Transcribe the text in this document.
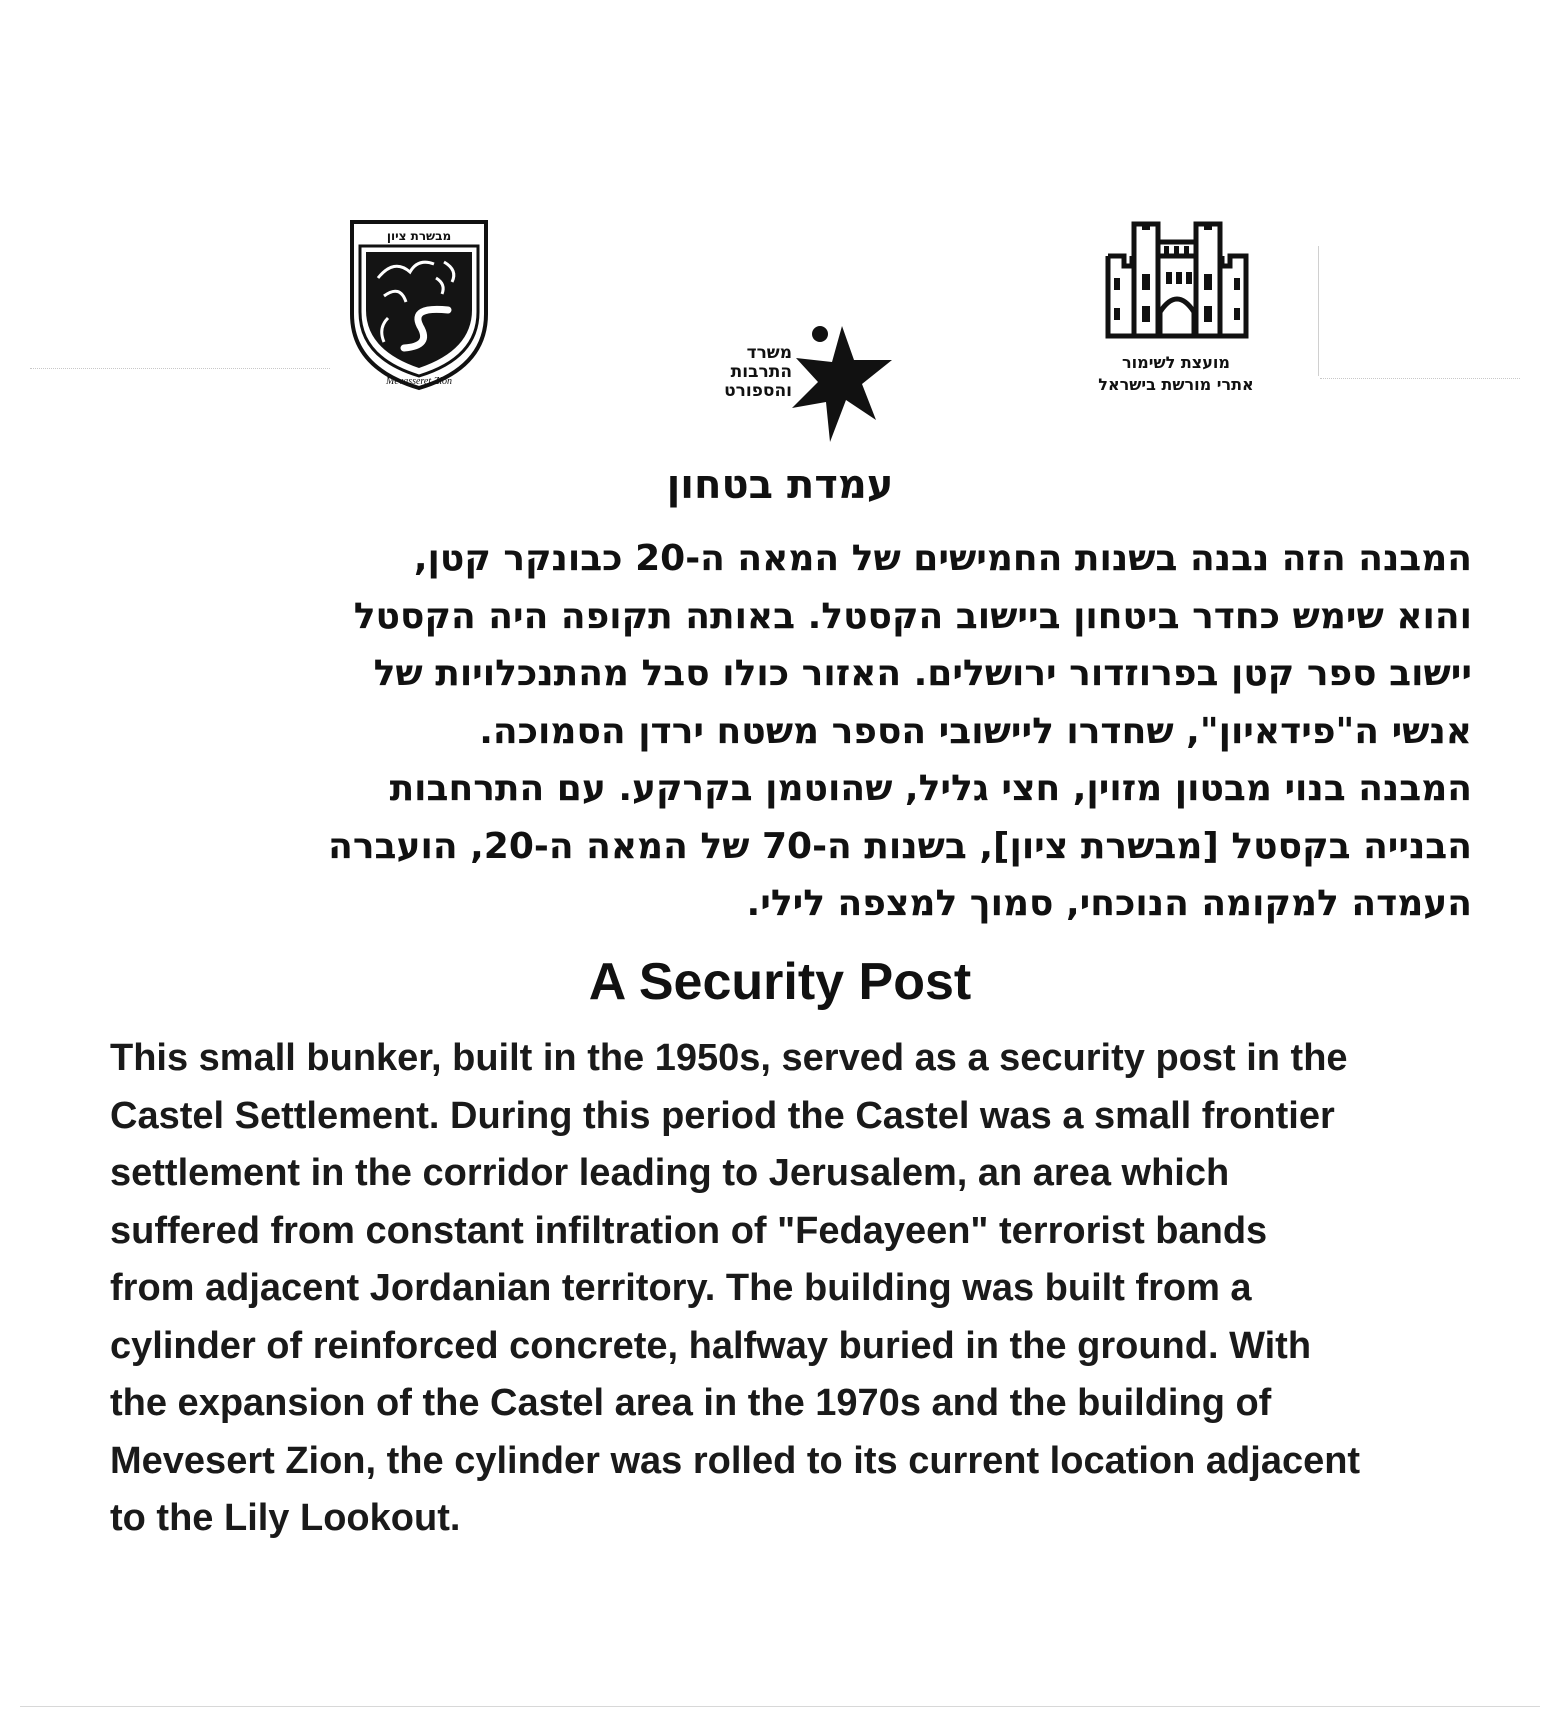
מבשרת ציון
Mevasseret Zion
משרד
התרבות
והספורט
מועצת לשימור
אתרי מורשת בישראל
עמדת בטחון
המבנה הזה נבנה בשנות החמישים של המאה ה-20 כבונקר קטן,
והוא שימש כחדר ביטחון ביישוב הקסטל. באותה תקופה היה הקסטל
יישוב ספר קטן בפרוזדור ירושלים. האזור כולו סבל מהתנכלויות של
אנשי ה"פידאיון", שחדרו ליישובי הספר משטח ירדן הסמוכה.
המבנה בנוי מבטון מזוין, חצי גליל, שהוטמן בקרקע. עם התרחבות
הבנייה בקסטל [מבשרת ציון], בשנות ה-70 של המאה ה-20, הועברה
העמדה למקומה הנוכחי, סמוך למצפה לילי.
A Security Post
This small bunker, built in the 1950s, served as a security post in the
Castel Settlement. During this period the Castel was a small frontier
settlement in the corridor leading to Jerusalem, an area which
suffered from constant infiltration of "Fedayeen" terrorist bands
from adjacent Jordanian territory. The building was built from a
cylinder of reinforced concrete, halfway buried in the ground. With
the expansion of the Castel area in the 1970s and the building of
Mevesert Zion, the cylinder was rolled to its current location adjacent
to the Lily Lookout.
